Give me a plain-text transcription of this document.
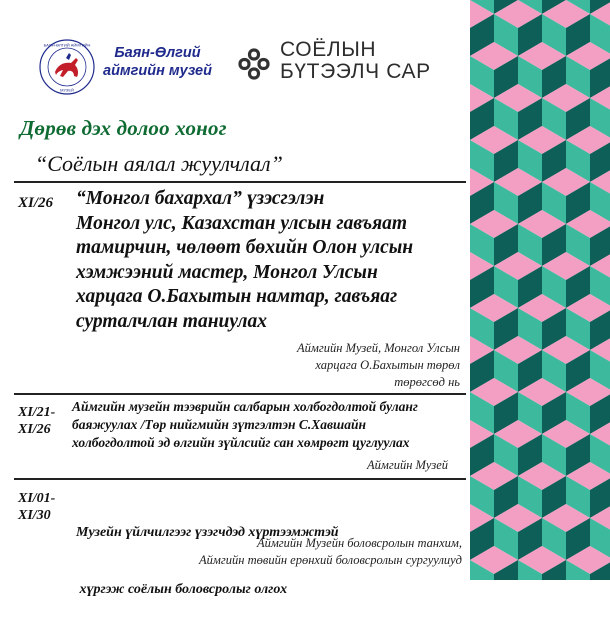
БАЯН-ӨЛГИЙ АЙМГИЙН
МУЗЕЙ
Баян-Өлгий аймгийн музей
СОЁЛЫН
БҮТЭЭЛЧ САР
Дөрөв дэх долоо хоног
“Соёлын аялал жуулчлал”
XI/26 “Монгол бахархал” үзэсгэлэн
Монгол улс, Казахстан улсын гавъяат
тамирчин, чөлөөт бөхийн Олон улсын
хэмжээний мастер, Монгол Улсын
харцага О.Бахытын намтар, гавъяаг
сурталчлан таниулах
Аймгийн Музей, Монгол Улсын
харцага О.Бахытын төрөл
төрөгсөд нь
XI/21-
XI/26
Аймгийн музейн тээврийн салбарын холбогдолтой буланг
баяжуулах /Төр нийгмийн зүтгэлтэн С.Хавшайн
холбогдолтой эд өлгийн зүйлсийг сан хөмрөгт цуглуулах
Аймгийн Музей
XI/01-
XI/30

Музейн үйлчилгээг үзэгчдэд хүртээмжтэй

хүргэж соёлын боловсролыг олгох

Аймгийн Музейн боловсролын танхим,
Аймгийн төвийн ерөнхий боловсролын сургуулиуд
